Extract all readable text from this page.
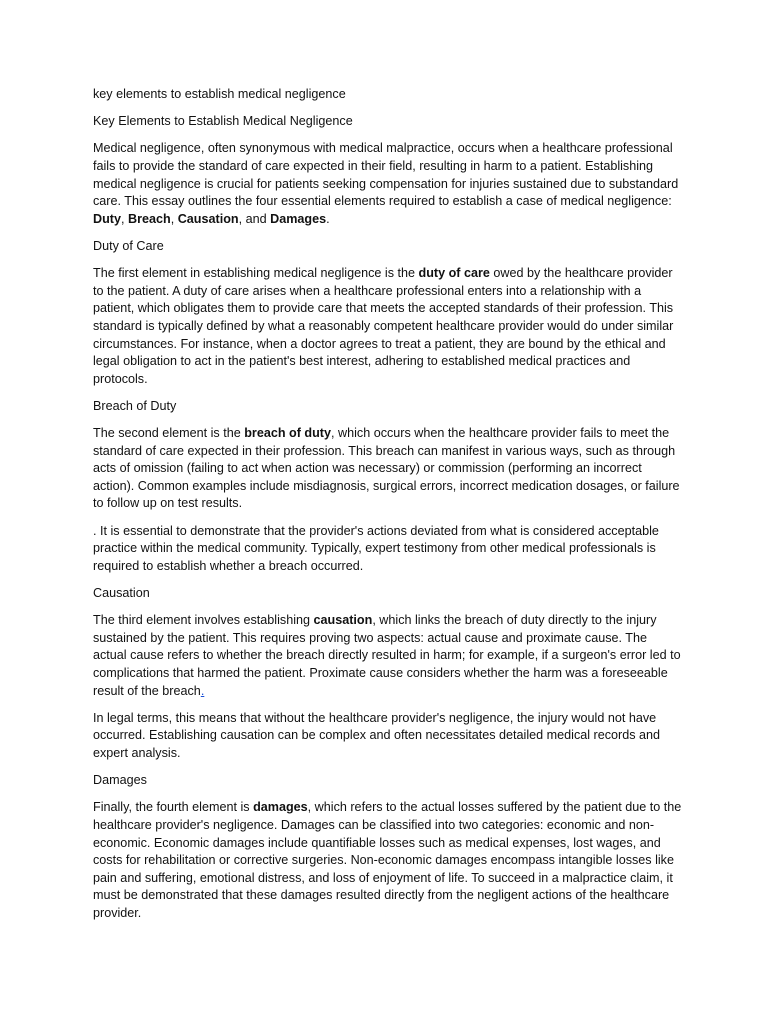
key elements to establish medical negligence

Key Elements to Establish Medical Negligence

Medical negligence, often synonymous with medical malpractice, occurs when a healthcare professional fails to provide the standard of care expected in their field, resulting in harm to a patient. Establishing medical negligence is crucial for patients seeking compensation for injuries sustained due to substandard care. This essay outlines the four essential elements required to establish a case of medical negligence: Duty, Breach, Causation, and Damages.

Duty of Care

The first element in establishing medical negligence is the duty of care owed by the healthcare provider to the patient. A duty of care arises when a healthcare professional enters into a relationship with a patient, which obligates them to provide care that meets the accepted standards of their profession. This standard is typically defined by what a reasonably competent healthcare provider would do under similar circumstances. For instance, when a doctor agrees to treat a patient, they are bound by the ethical and legal obligation to act in the patient's best interest, adhering to established medical practices and protocols.

Breach of Duty

The second element is the breach of duty, which occurs when the healthcare provider fails to meet the standard of care expected in their profession. This breach can manifest in various ways, such as through acts of omission (failing to act when action was necessary) or commission (performing an incorrect action). Common examples include misdiagnosis, surgical errors, incorrect medication dosages, or failure to follow up on test results.

. It is essential to demonstrate that the provider's actions deviated from what is considered acceptable practice within the medical community. Typically, expert testimony from other medical professionals is required to establish whether a breach occurred.

Causation

The third element involves establishing causation, which links the breach of duty directly to the injury sustained by the patient. This requires proving two aspects: actual cause and proximate cause. The actual cause refers to whether the breach directly resulted in harm; for example, if a surgeon's error led to complications that harmed the patient. Proximate cause considers whether the harm was a foreseeable result of the breach.

In legal terms, this means that without the healthcare provider's negligence, the injury would not have occurred. Establishing causation can be complex and often necessitates detailed medical records and expert analysis.

Damages

Finally, the fourth element is damages, which refers to the actual losses suffered by the patient due to the healthcare provider's negligence. Damages can be classified into two categories: economic and non-economic. Economic damages include quantifiable losses such as medical expenses, lost wages, and costs for rehabilitation or corrective surgeries. Non-economic damages encompass intangible losses like pain and suffering, emotional distress, and loss of enjoyment of life. To succeed in a malpractice claim, it must be demonstrated that these damages resulted directly from the negligent actions of the healthcare provider.
